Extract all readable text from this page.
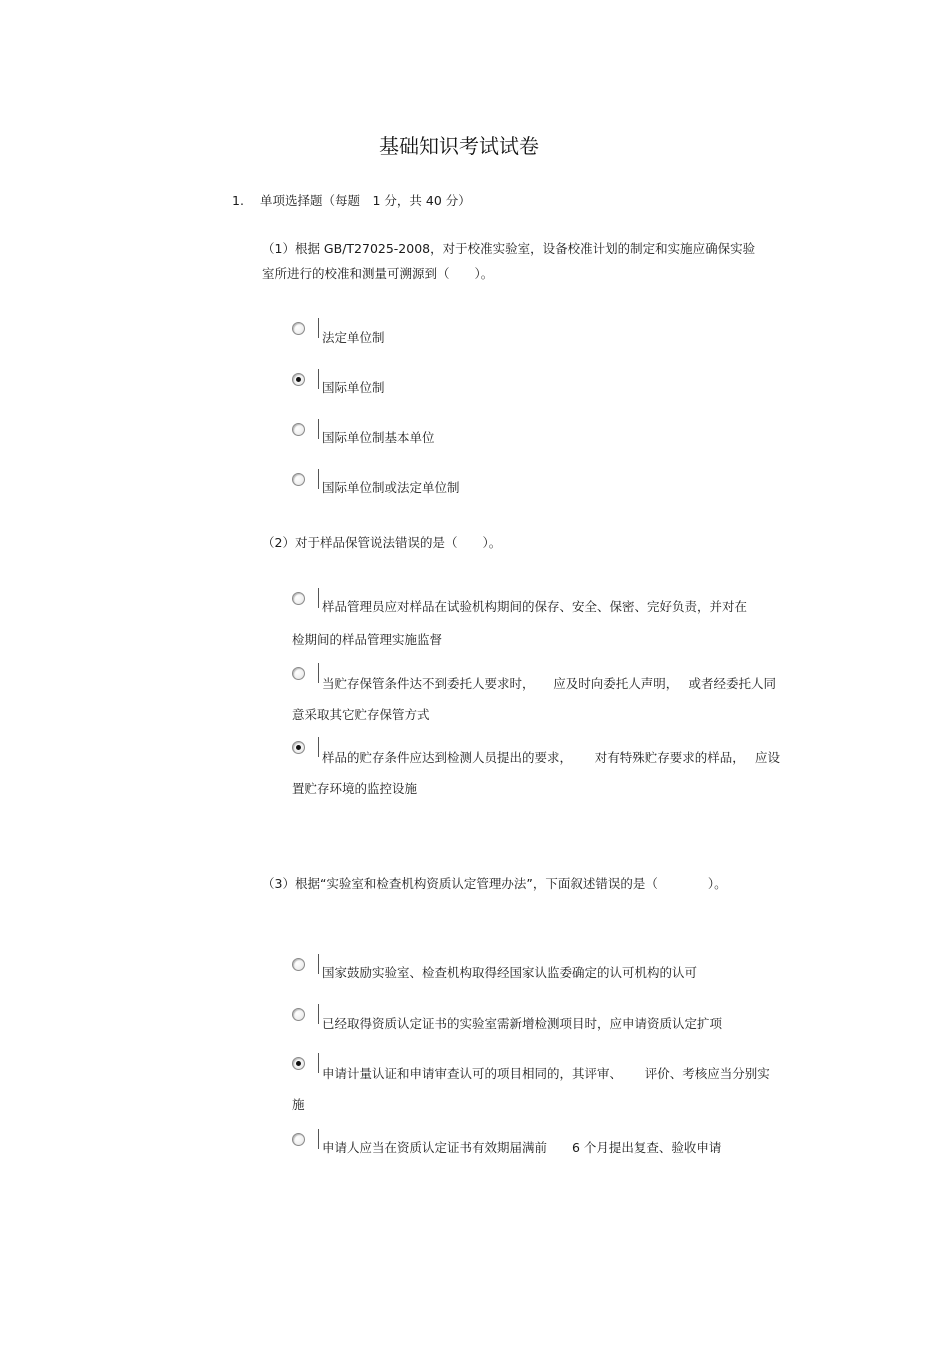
基础知识考试试卷
1. 单项选择题（每题　1 分，共 40 分）
（1）根据 GB/T27025-2008，对于校准实验室，设备校准计划的制定和实施应确保实验
室所进行的校准和测量可溯源到（　　）。
法定单位制
国际单位制
国际单位制基本单位
国际单位制或法定单位制
（2）对于样品保管说法错误的是（　　）。
样品管理员应对样品在试验机构期间的保存、安全、保密、完好负责，并对在
检期间的样品管理实施监督
当贮存保管条件达不到委托人要求时，　　应及时向委托人声明，　 或者经委托人同
意采取其它贮存保管方式
样品的贮存条件应达到检测人员提出的要求，　　 对有特殊贮存要求的样品，　 应设
置贮存环境的监控设施
（3）根据“实验室和检查机构资质认定管理办法”，下面叙述错误的是（　　　　）。
国家鼓励实验室、检查机构取得经国家认监委确定的认可机构的认可
已经取得资质认定证书的实验室需新增检测项目时，应申请资质认定扩项
申请计量认证和申请审查认可的项目相同的，其评审、　　 评价、考核应当分别实
施
申请人应当在资质认定证书有效期届满前　　6 个月提出复查、验收申请
